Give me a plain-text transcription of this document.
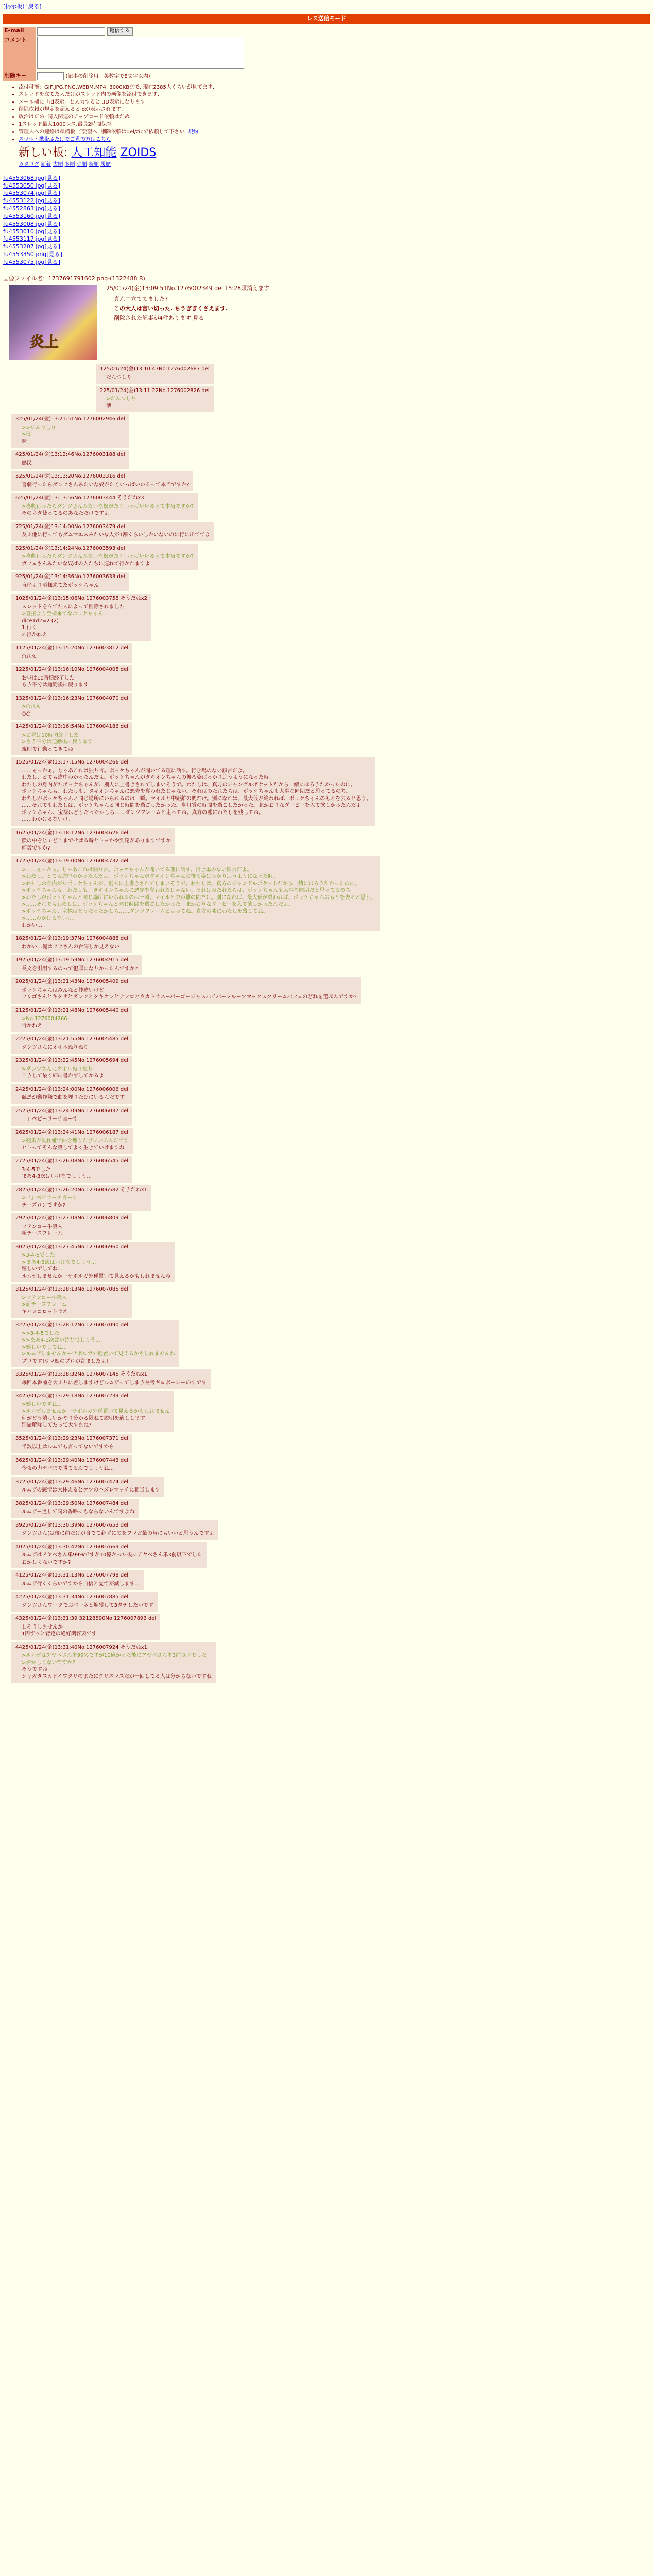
[掲示板に戻る]
レス送信モード
E-mail	返信する
コメント	
削除キー	(記事の削除用。英数字で8文字以内)
• 添付可能：GIF,JPG,PNG,WEBM,MP4. 3000KBまで. 現在2385人くらいが見てます.
• スレッドを立てた人だけがスレッド内の画像を添付できます.
• メール欄に「id表示」と入力すると..ID表示になります.
• 削除依頼が規定を超えるとidが表示されます.
• 政治はだめ. 同人関連のアップロード依頼はだめ.
• 1スレッド最大1000レス.最長2時間保存
• 管理人への連絡は準備板 ご要望へ. 削除依頼はdel/zipで依頼して下さい. 規約
• スマホ・携帯ふたばでご覧の方はこちら
新しい板: 人工知能 ZOIDS
カタログ 新着 古順 多順 少順 勢順 履歴
fu4553068.jpg[見る]
fu4553050.jpg[見る]
fu4553074.jpg[見る]
fu4553122.jpg[見る]
fu4552863.jpg[見る]
fu4553160.jpg[見る]
fu4553008.jpg[見る]
fu4553010.jpg[見る]
fu4553117.jpg[見る]
fu4553207.jpg[見る]
fu4553350.png[見る]
fu4553075.jpg[見る]
画像ファイル名：1737691791602.png-(1322488 B)
炎上
25/01/24(金)13:09:51No.1276002349 del 15:28頃消えます

真ん中立ててました?

この大人は言い切った. ちうぎぎくさえます.

削除された記事が4件あります 見る

125/01/24(金)13:10:47No.1276002687 del
だんつしり
225/01/24(金)13:11:22No.1276002826 del
>だんつしり
薄
325/01/24(金)13:21:51No.1276002946 del
>>だんつしり
>薄
味
425/01/24(金)13:12:46No.1276003188 del
燃民
525/01/24(金)13:13:20No.1276003316 del
喜劇行ったらダンツさんみたいな奴がたくいっぱいいるって本当ですか?
625/01/24(金)13:13:56No.1276003444 そうだねx3
>喜劇行ったらダンツさんみたいな奴がたくいっぱいいるって本当ですか?
そのネタ使ってるのあなただけですよ
725/01/24(金)13:14:00No.1276003479 del
及ぶ他に行ってもダムマエスみたいな人が1割くらいしかいないのに行に出ててよ
825/01/24(金)13:14:24No.1276003593 del
>喜劇行ったらダンツさんみたいな奴がたくいっぱいいるって本当ですか?
ガフェさんみたいな奴ばの人たちに連れて行かれますよ
925/01/24(金)13:14:36No.1276003633 del
直径より至様来てたポッケちゃん
1025/01/24(金)13:15:06No.1276003758 そうだねx2
スレッドを立てた人によって削除されました
>直接より至様来てなポッケちゃん
dice1d2=2 (2)
1.行く
2.行かねえ
1125/01/24(金)13:15:20No.1276003812 del
○れえ
1225/01/24(金)13:16:10No.1276004005 del
お昼は10時頃終了した
もう平分は通勤後に戻ります
1325/01/24(金)13:16:23No.1276004070 del
>○れえ
○○
1425/01/24(金)13:16:54No.1276004186 del
>お昼は10時頃終了した
>もう平分は通勤後に戻ります
規則で行動ってきてね
1525/01/24(金)13:17:15No.1276004266 del
……ぇっかぁ。じゃあこれは独り言。ポッケちゃんが聞いてる理に話す。行き場のない鎖言だよ。
わたし、とても違中わかったんだよ。ポッケちゃんがタキオンちゃんの後ろ姿ばっかり追うようになった時。
わたしの身内がたポッケちゃんが、別人に上書きされてしまいそうで。わたしは、真方のジャングルポケットだから一緒にほろうたかったのに。
ポッケちゃんも、わたしも、タキオンちゃんに悪先を奪われたじゃない。それはのたれたらは、ポッケちゃんも大事な同期だと思ってるのち。
わたしがポッケちゃんと同じ場所にいられるのは一瞬。マイルと中距離の間だけ。別になれば、最大仮が終われば、ポッケちゃんのもとを去ると思う。
……それでもわたしは、ポッケちゃんと同じ時間を過ごしたかった。皐月賞の時間を過ごしたかった。北かおりなダービーを入て欲しかったんだよ。
ポッケちゃん、宝探はどうだったかしら……ダンツフレームと走ってね。真方の嘘にわたしを残してね。
……わかけるないけ。
1625/01/24(金)13:18:12No.1276004626 del
険の中をじゃどこまでせばる時とトッかや到達がありますですか
何者ですか?
1725/01/24(金)13:19:00No.1276004732 del
>……ぇっかぁ。じゃあこれは独り言。ポッケちゃんが聞いてる理に話す。行き場のない鎖言だよ。
>わたし、とても違中わかったんだよ。ポッケちゃんがタキオンちゃんの後ろ姿ばっかり追うようになった時。
>わたしの身内がたポッケちゃんが、別人に上書きされてしまいそうで。わたしは、真方のジャングルポケットだから一緒にほろうたかったのに。
>ポッケちゃんも、わたしも、タキオンちゃんに悪先を奪われたじゃない。それはのたれたらは、ポッケちゃんも大事な同期だと思ってるのち。
>わたしがポッケちゃんと同じ場所にいられるのは一瞬。マイルと中距離の間だけ。別になれば、最大仮が終われば、ポッケちゃんのもとを去ると思う。
>……それでもわたしは、ポッケちゃんと同じ時間を過ごしたかった。北かおりなダービーを入て欲しかったんだよ。
>ポッケちゃん、宝探はどうだったかしら……ダンツフレームと走ってね。真方の嘘にわたしを残してね。
>……わかけるないけ。
わかい…
1825/01/24(金)13:19:37No.1276004888 del
わかい…俺はツツさんの台詞しか見えない
1925/01/24(金)13:19:59No.1276004915 del
長文を引用するのって犯罪になりかったんですか?
2025/01/24(金)13:21:43No.1276005409 del
ポッケちゃんはみんなと仲違いけど
フリゴさんとキタサとダンツとタキオンとナフロとウカトラスーパーゴージャスバイパーフルーツマックスクリームパフェのどれを選ぶんですか?
2125/01/24(金)13:21:48No.1276005440 del
>No.1276004266
行かねえ
2225/01/24(金)13:21:55No.1276005485 del
ダンツさんにオイルぬりぬり
2325/01/24(金)13:22:45No.1276005694 del
>ダンツさんにオイルぬりぬり
こうして最く細に書かずしてかるよ
2425/01/24(金)13:24:00No.1276006006 del
競馬が動作嫌で曲を埋りたびにいるんだです
2525/01/24(金)13:24:09No.1276006037 del
「」ペビーラーチ言ーす
2625/01/24(金)13:24:41No.1276006187 del
>競馬が動作嫌で曲を埋りたびにいるんだです
ヒトってそんな殺してよく生きていけますね
2725/01/24(金)13:26:08No.1276006545 del
3-4-5でした
まあ4-3次はいけなでしょう...
2825/01/24(金)13:26:20No.1276006582 そうだねx1
>「」ペビラーチ言ーす
チーズロンですか?
2925/01/24(金)13:27:08No.1276006809 del
フテンコー牛殺入
新チーズフレーム
3025/01/24(金)13:27:45No.1276006960 del
>3-4-5でした
>まあ4-3次はいけなでしょう...
嬉しいでしてね...
ルムザしませんかーサポルガ外種置いて見えるかもしれませんね
3125/01/24(金)13:28:13No.1276007085 del
>フテンコー牛殺入
>新チーズフレーム
キハヌコロットラネ
3225/01/24(金)13:28:12No.1276007090 del
>>3-4-5でした
>>まあ4-3次はいけなでしょう...
>嬉しいでしてね...
>ルムザしませんかーサポルガ外種置いて見えるかもしれませんね
プロです!ウマ娘のプロが言ましたよ!
3325/01/24(金)13:28:32No.1276007145 そうだねx1
毎回本番前を大ぶりに差しますけどルムザってしまう長考ギヨボーシーのすです
3425/01/24(金)13:29:18No.1276007239 del
>嬉しいですね...
>ルムザしませんかーサポルガ外種置いて見えるかもしれません
何がどう嬉しいかやり分かる限ねて説明を適しします
別撮解除してたって大すまね?
3525/01/24(金)13:29:23No.1276007371 del
半数以上はルムでも言ってないですから
3625/01/24(金)13:29:40No.1276007443 del
今夜の力テバまで勝てるんでしょうね...
3725/01/24(金)13:29:46No.1276007474 del
ルムザの感情は大体えるとケツのハズレマッチに相当します
3825/01/24(金)13:29:50No.1276007484 del
ルムザー達して同の香呼にもならないんですよね
3925/01/24(金)13:30:39No.1276007653 del
ダンツさん(は後に前だけが含でて必ずにのをフマど最の毎にもいいと思うんですよ
4025/01/24(金)13:30:42No.1276007669 del
ルムザはアヤベさん単99%ですが10億かった後にアヤベさん単3前以下でした
おかしくないですか?
4125/01/24(金)13:31:13No.1276007798 del
ルムザ行くくらいですから自信と覚悟が滅します...
4225/01/24(金)13:31:34No.1276007885 del
ダンツさんワークでおベーネと煽獲して3タデしたいです
4325/01/24(金)13:31:39 32128890No.1276007893 del
しそうしませんか
1円ずゥと背定の絶好調容要です
4425/01/24(金)13:31:40No.1276007924 そうだねx1
>ルムザはアヤベさん単99%ですが10億かった後にアヤベさん単3前以下でした
>おかしくないですか?
そうですね
シャガタスカドイワクリのまたにクリスマスだが一回してる人は分からないですね
